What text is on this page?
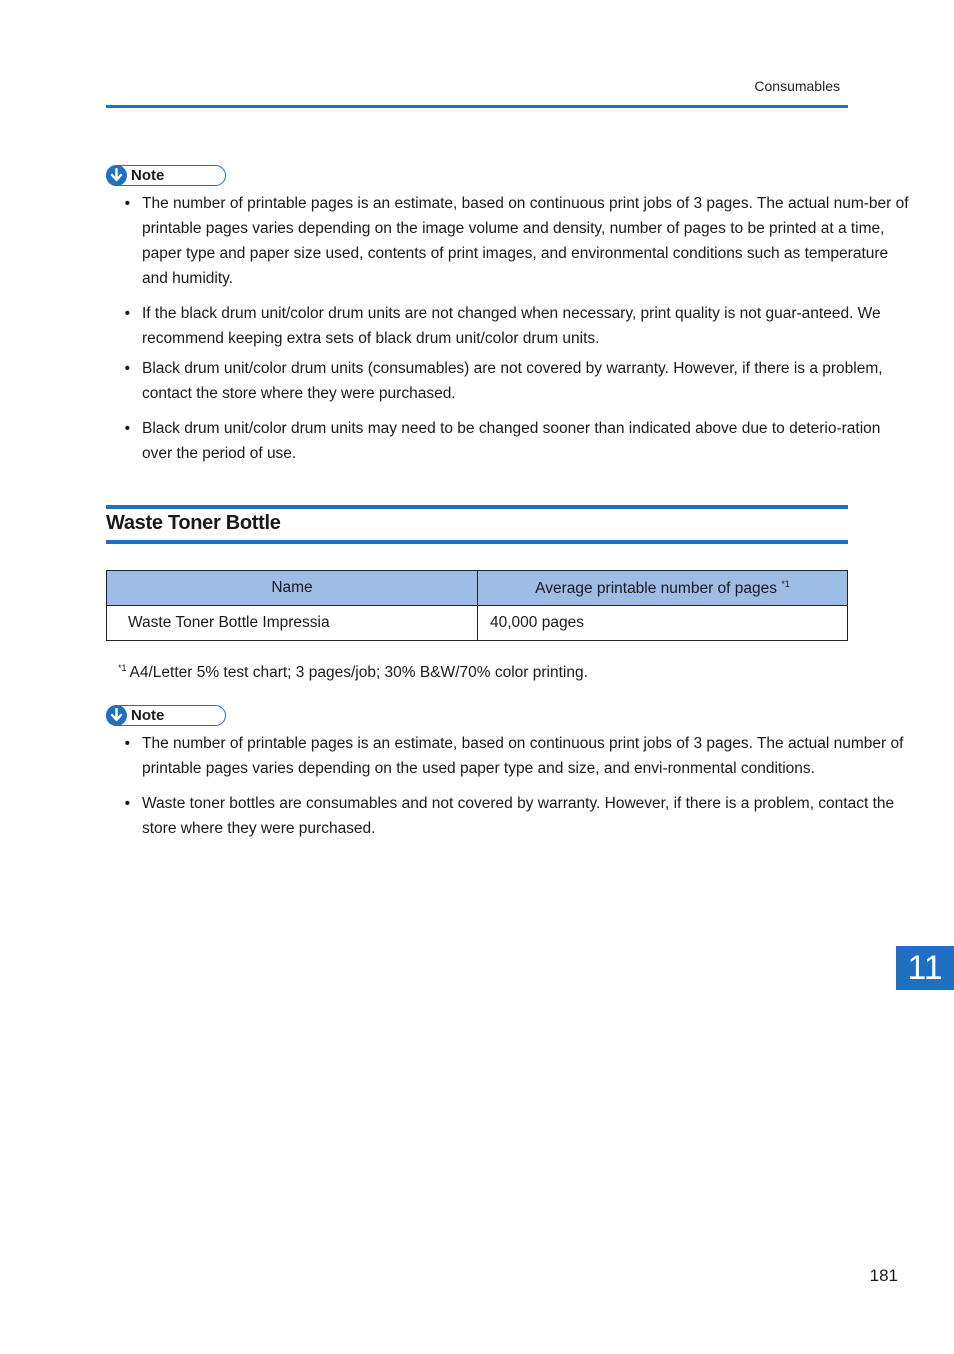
Consumables
Note
• The number of printable pages is an estimate, based on continuous print jobs of 3 pages. The actual num-ber of printable pages varies depending on the image volume and density, number of pages to be printed at a time, paper type and paper size used, contents of print images, and environmental conditions such as temperature and humidity.
• If the black drum unit/color drum units are not changed when necessary, print quality is not guar-anteed. We recommend keeping extra sets of black drum unit/color drum units.
• Black drum unit/color drum units (consumables) are not covered by warranty. However, if there is a problem, contact the store where they were purchased.
• Black drum unit/color drum units may need to be changed sooner than indicated above due to deterio-ration over the period of use.
Waste Toner Bottle
Name	Average printable number of pages $^{*1}$
Waste Toner Bottle Impressia	40,000 pages
$^{*1}$ A4/Letter 5% test chart; 3 pages/job; 30% B&W/70% color printing.
Note
• The number of printable pages is an estimate, based on continuous print jobs of 3 pages. The actual number of printable pages varies depending on the used paper type and size, and envi-ronmental conditions.
• Waste toner bottles are consumables and not covered by warranty. However, if there is a problem, contact the store where they were purchased.
11
181
